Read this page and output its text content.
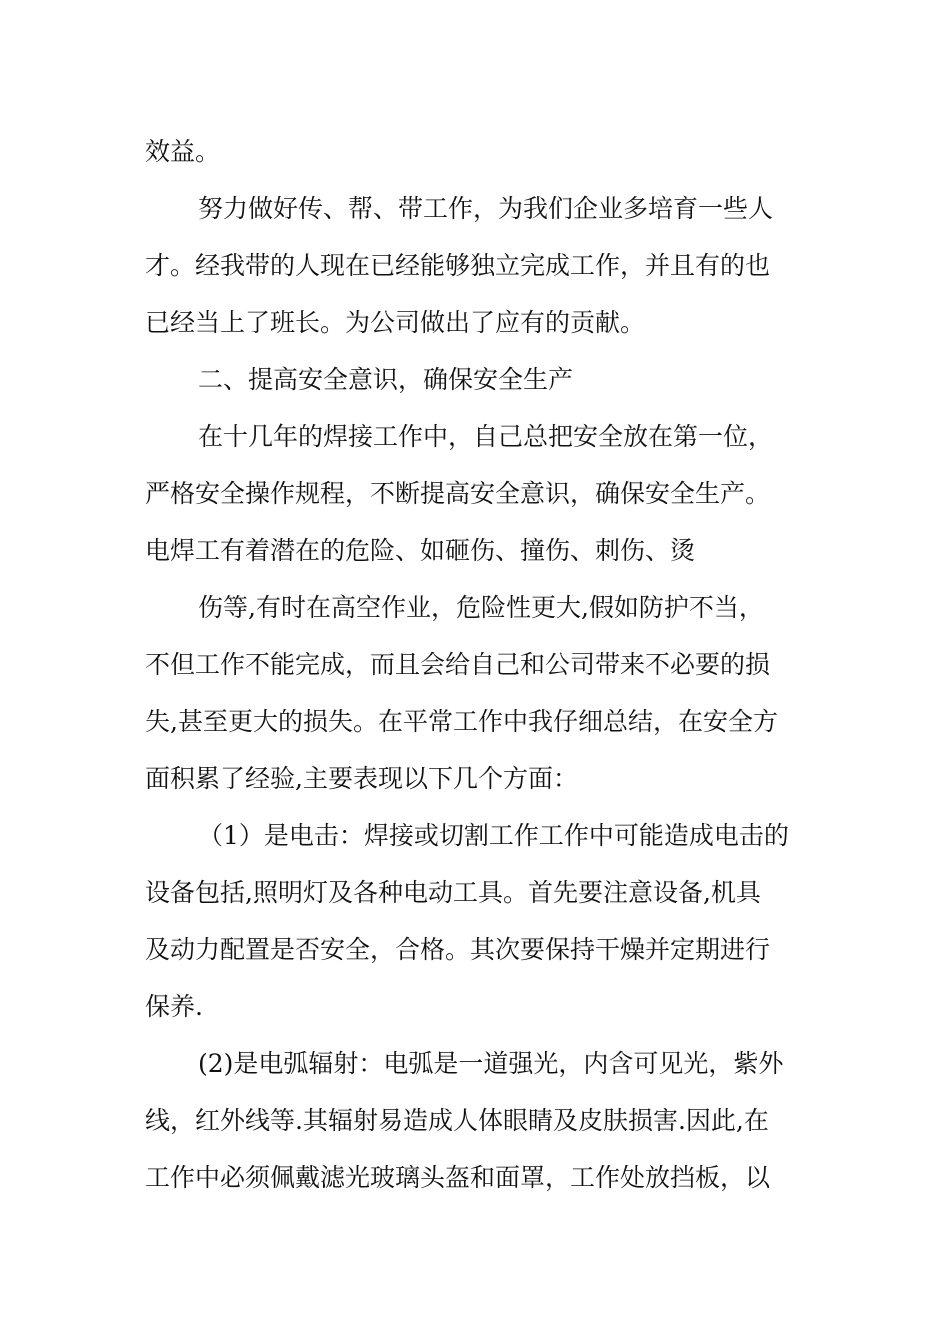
效益。
努力做好传、帮、带工作，为我们企业多培育一些人
才。经我带的人现在已经能够独立完成工作，并且有的也
已经当上了班长。为公司做出了应有的贡献。
二、提高安全意识，确保安全生产
在十几年的焊接工作中，自己总把安全放在第一位，
严格安全操作规程，不断提高安全意识，确保安全生产。
电焊工有着潜在的危险、如砸伤、撞伤、刺伤、烫
伤等,有时在高空作业，危险性更大,假如防护不当，
不但工作不能完成，而且会给自己和公司带来不必要的损
失,甚至更大的损失。在平常工作中我仔细总结，在安全方
面积累了经验,主要表现以下几个方面：
（1）是电击：焊接或切割工作工作中可能造成电击的
设备包括,照明灯及各种电动工具。首先要注意设备,机具
及动力配置是否安全，合格。其次要保持干燥并定期进行
保养.
(2)是电弧辐射：电弧是一道强光，内含可见光，紫外
线，红外线等.其辐射易造成人体眼睛及皮肤损害.因此,在
工作中必须佩戴滤光玻璃头盔和面罩，工作处放挡板，以
